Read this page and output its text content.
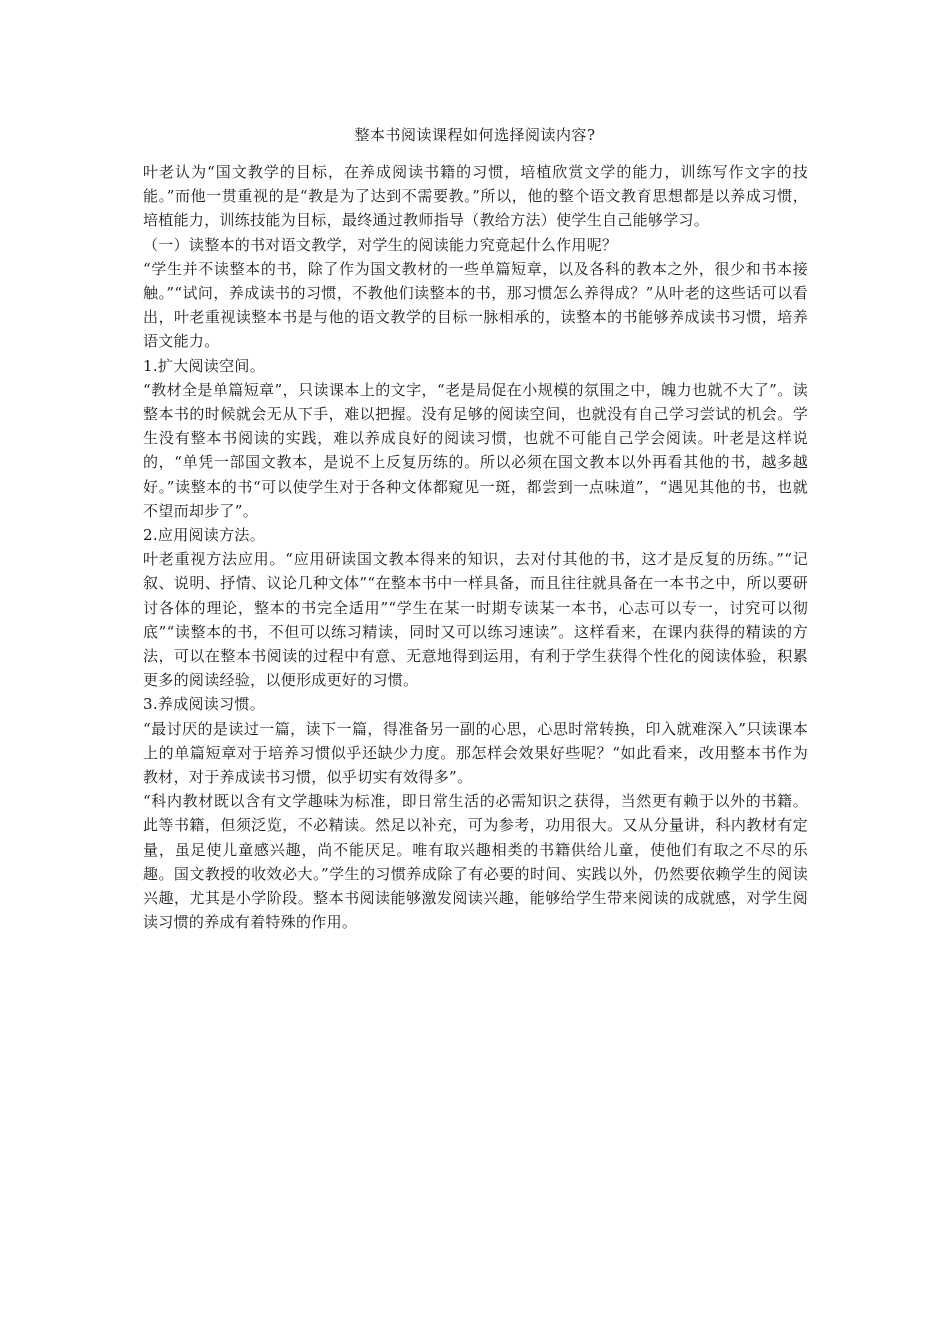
整本书阅读课程如何选择阅读内容?

叶老认为“国文教学的目标，在养成阅读书籍的习惯，培植欣赏文学的能力，训练写作文字的技能。”而他一贯重视的是“教是为了达到不需要教。”所以，他的整个语文教育思想都是以养成习惯，培植能力，训练技能为目标，最终通过教师指导（教给方法）使学生自己能够学习。

（一）读整本的书对语文教学，对学生的阅读能力究竟起什么作用呢？

“学生并不读整本的书，除了作为国文教材的一些单篇短章，以及各科的教本之外，很少和书本接触。”“试问，养成读书的习惯，不教他们读整本的书，那习惯怎么养得成？”从叶老的这些话可以看出，叶老重视读整本书是与他的语文教学的目标一脉相承的，读整本的书能够养成读书习惯，培养语文能力。

1.扩大阅读空间。

“教材全是单篇短章”，只读课本上的文字，“老是局促在小规模的氛围之中，魄力也就不大了”。读整本书的时候就会无从下手，难以把握。没有足够的阅读空间，也就没有自己学习尝试的机会。学生没有整本书阅读的实践，难以养成良好的阅读习惯，也就不可能自己学会阅读。叶老是这样说的，“单凭一部国文教本，是说不上反复历练的。所以必须在国文教本以外再看其他的书，越多越好。”读整本的书“可以使学生对于各种文体都窥见一斑，都尝到一点味道”，“遇见其他的书，也就不望而却步了”。

2.应用阅读方法。

叶老重视方法应用。“应用研读国文教本得来的知识，去对付其他的书，这才是反复的历练。”“记叙、说明、抒情、议论几种文体”“在整本书中一样具备，而且往往就具备在一本书之中，所以要研讨各体的理论，整本的书完全适用”“学生在某一时期专读某一本书，心志可以专一，讨究可以彻底”“读整本的书，不但可以练习精读，同时又可以练习速读”。这样看来，在课内获得的精读的方法，可以在整本书阅读的过程中有意、无意地得到运用，有利于学生获得个性化的阅读体验，积累更多的阅读经验，以便形成更好的习惯。

3.养成阅读习惯。

“最讨厌的是读过一篇，读下一篇，得准备另一副的心思，心思时常转换，印入就难深入”只读课本上的单篇短章对于培养习惯似乎还缺少力度。那怎样会效果好些呢？“如此看来，改用整本书作为教材，对于养成读书习惯，似乎切实有效得多”。

“科内教材既以含有文学趣味为标准，即日常生活的必需知识之获得，当然更有赖于以外的书籍。此等书籍，但须泛览，不必精读。然足以补充，可为参考，功用很大。又从分量讲，科内教材有定量，虽足使儿童感兴趣，尚不能厌足。唯有取兴趣相类的书籍供给儿童，使他们有取之不尽的乐趣。国文教授的收效必大。”学生的习惯养成除了有必要的时间、实践以外，仍然要依赖学生的阅读兴趣，尤其是小学阶段。整本书阅读能够激发阅读兴趣，能够给学生带来阅读的成就感，对学生阅读习惯的养成有着特殊的作用。
